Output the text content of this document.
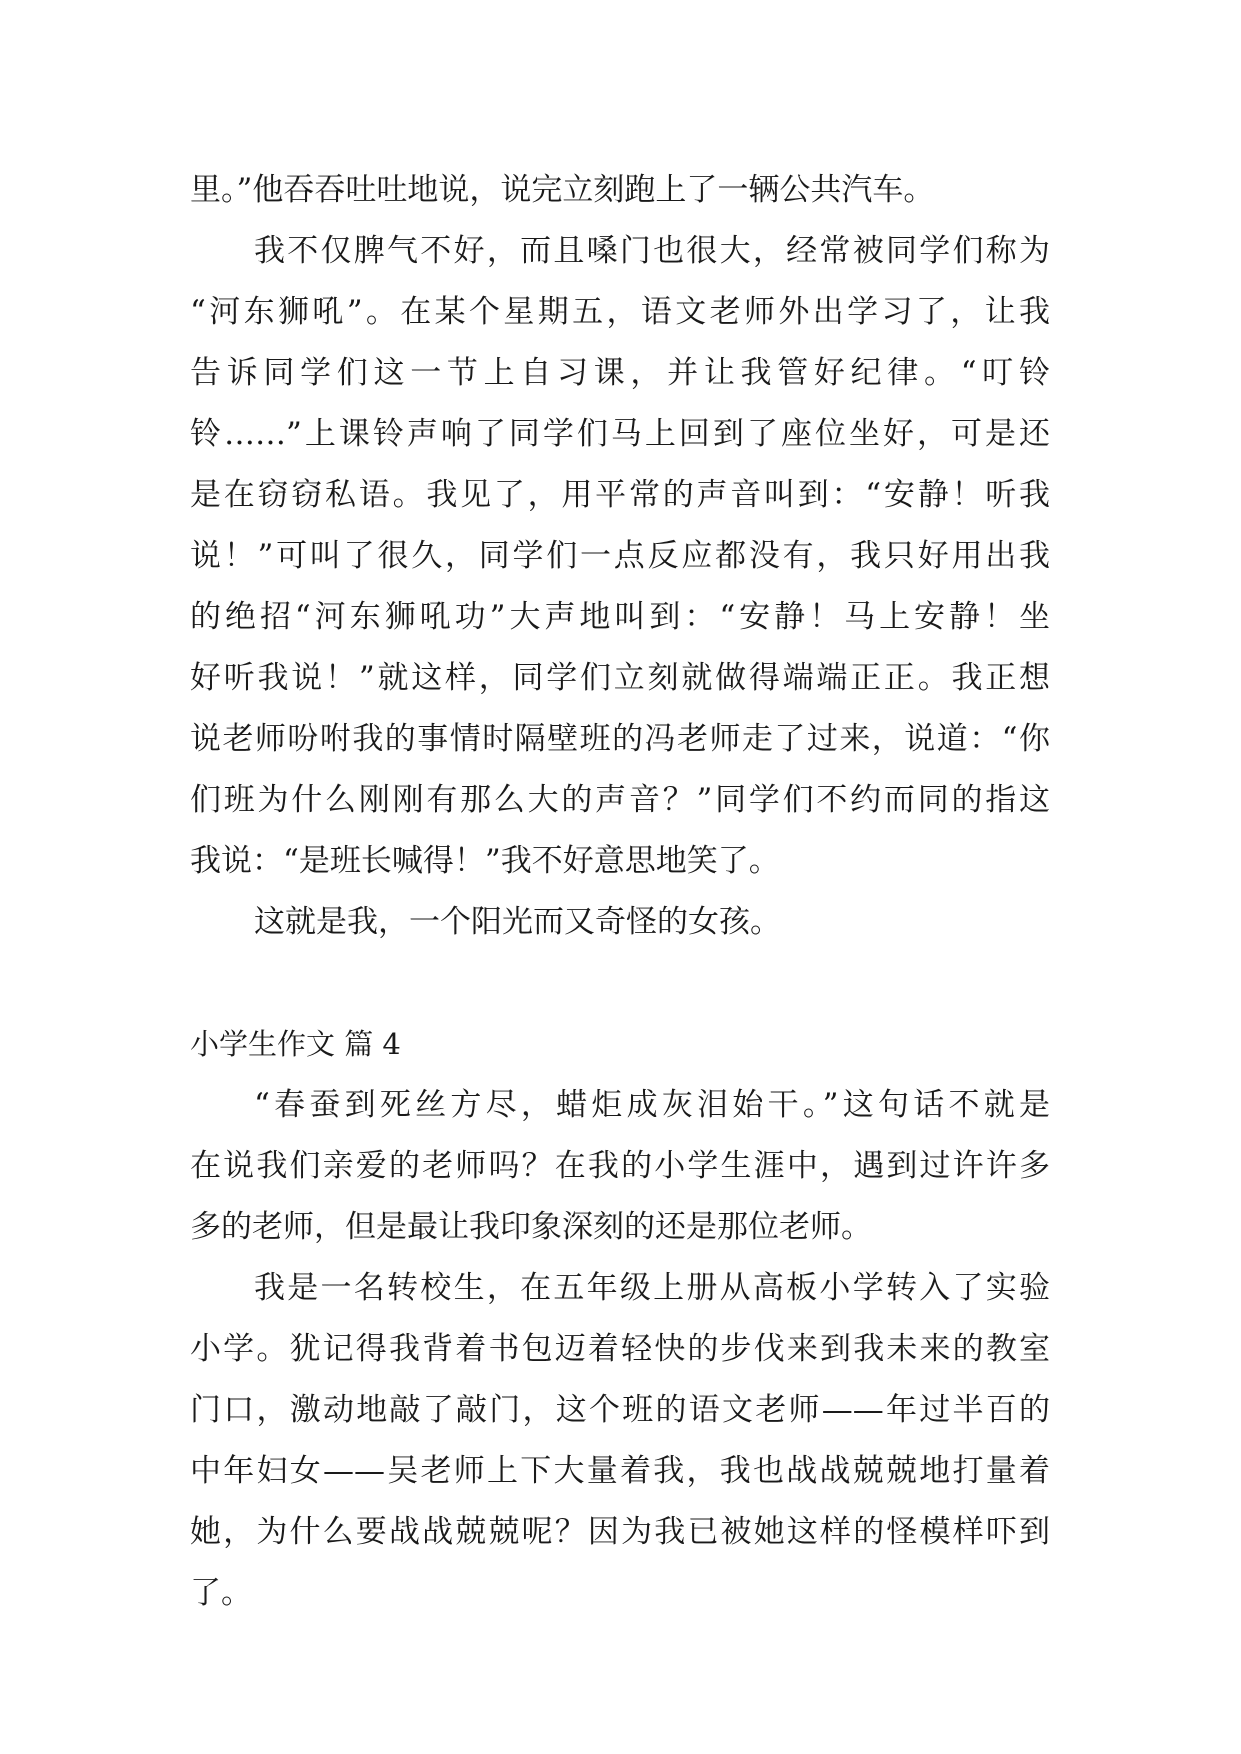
里。”他吞吞吐吐地说，说完立刻跑上了一辆公共汽车。
我不仅脾气不好，而且嗓门也很大，经常被同学们称为
“河东狮吼”。在某个星期五，语文老师外出学习了，让我
告诉同学们这一节上自习课，并让我管好纪律。“叮铃
铃……”上课铃声响了同学们马上回到了座位坐好，可是还
是在窃窃私语。我见了，用平常的声音叫到：“安静！听我
说！”可叫了很久，同学们一点反应都没有，我只好用出我
的绝招“河东狮吼功”大声地叫到：“安静！马上安静！坐
好听我说！”就这样，同学们立刻就做得端端正正。我正想
说老师吩咐我的事情时隔壁班的冯老师走了过来，说道：“你
们班为什么刚刚有那么大的声音？”同学们不约而同的指这
我说：“是班长喊得！”我不好意思地笑了。
这就是我，一个阳光而又奇怪的女孩。
小学生作文 篇 4
“春蚕到死丝方尽，蜡炬成灰泪始干。”这句话不就是
在说我们亲爱的老师吗？在我的小学生涯中，遇到过许许多
多的老师，但是最让我印象深刻的还是那位老师。
我是一名转校生，在五年级上册从高板小学转入了实验
小学。犹记得我背着书包迈着轻快的步伐来到我未来的教室
门口，激动地敲了敲门，这个班的语文老师——年过半百的
中年妇女——吴老师上下大量着我，我也战战兢兢地打量着
她，为什么要战战兢兢呢？因为我已被她这样的怪模样吓到
了。
